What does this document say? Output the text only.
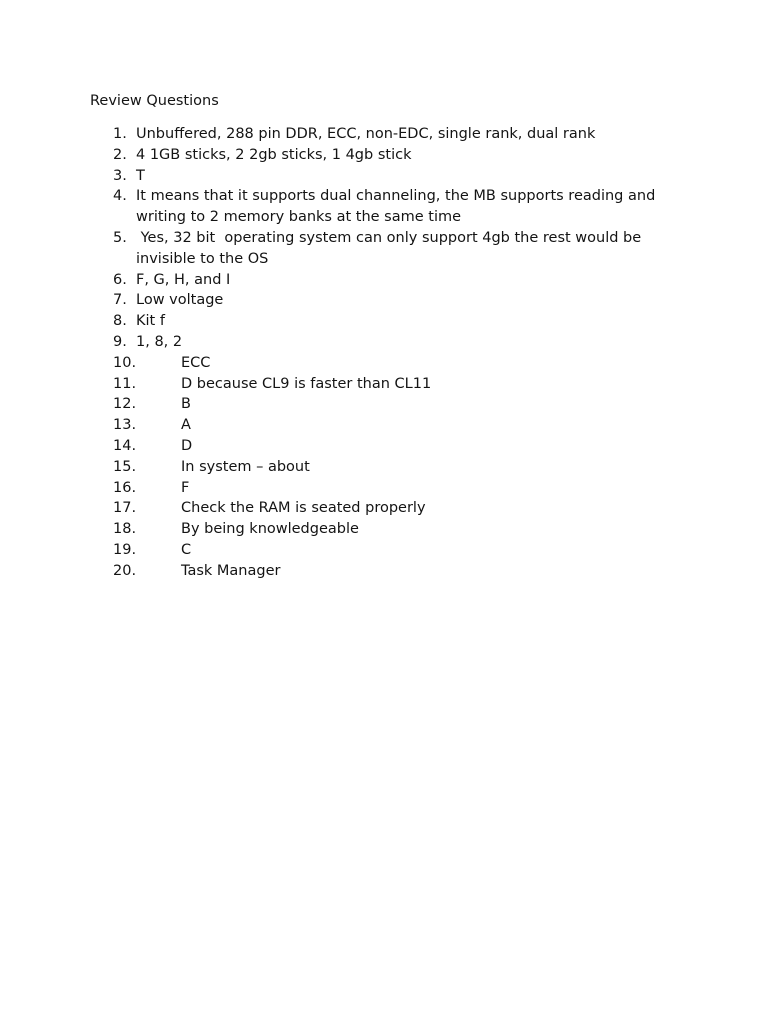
Review Questions
1. Unbuffered, 288 pin DDR, ECC, non-EDC, single rank, dual rank
2. 4 1GB sticks, 2 2gb sticks, 1 4gb stick
3. T
4. It means that it supports dual channeling, the MB supports reading and writing to 2 memory banks at the same time
5. Yes, 32 bit  operating system can only support 4gb the rest would be invisible to the OS
6. F, G, H, and I
7. Low voltage
8. Kit f
9. 1, 8, 2
10.	ECC
11.	D because CL9 is faster than CL11
12.	B
13.	A
14.	D
15.	In system – about
16.	F
17.	Check the RAM is seated properly
18.	By being knowledgeable
19.	C
20.	Task Manager
